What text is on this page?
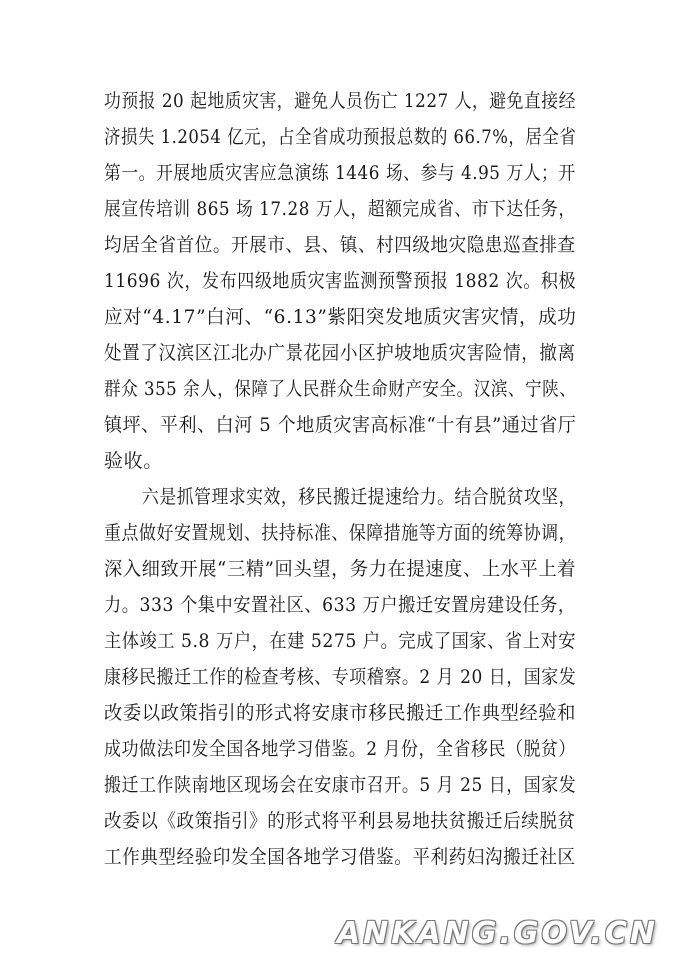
功预报 20 起地质灾害，避免人员伤亡 1227 人，避免直接经
济损失 1.2054 亿元，占全省成功预报总数的 66.7%，居全省
第一。开展地质灾害应急演练 1446 场、参与 4.95 万人；开
展宣传培训 865 场 17.28 万人，超额完成省、市下达任务，
均居全省首位。开展市、县、镇、村四级地灾隐患巡查排查
11696 次，发布四级地质灾害监测预警预报 1882 次。积极
应对“4.17”白河、“6.13”紫阳突发地质灾害灾情，成功
处置了汉滨区江北办广景花园小区护坡地质灾害险情，撤离
群众 355 余人，保障了人民群众生命财产安全。汉滨、宁陕、
镇坪、平利、白河 5 个地质灾害高标准“十有县”通过省厅
验收。
六是抓管理求实效，移民搬迁提速给力。结合脱贫攻坚，
重点做好安置规划、扶持标准、保障措施等方面的统筹协调，
深入细致开展“三精”回头望，务力在提速度、上水平上着
力。333 个集中安置社区、633 万户搬迁安置房建设任务，
主体竣工 5.8 万户，在建 5275 户。完成了国家、省上对安
康移民搬迁工作的检查考核、专项稽察。2 月 20 日，国家发
改委以政策指引的形式将安康市移民搬迁工作典型经验和
成功做法印发全国各地学习借鉴。2 月份，全省移民（脱贫）
搬迁工作陕南地区现场会在安康市召开。5 月 25 日，国家发
改委以《政策指引》的形式将平利县易地扶贫搬迁后续脱贫
工作典型经验印发全国各地学习借鉴。平利药妇沟搬迁社区
ANKANG.GOV.CN
